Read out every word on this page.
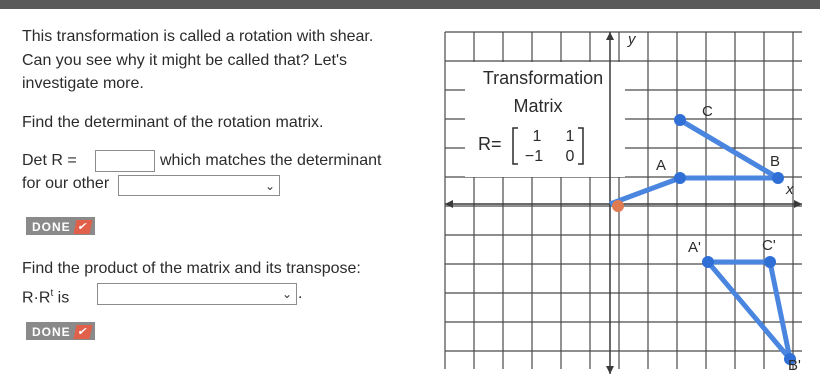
This transformation is called a rotation with shear.
Can you see why it might be called that? Let's
investigate more.
Find the determinant of the rotation matrix.
Det R =	which matches the determinant
for our other	⌄
DONE ✔
Find the product of the matrix and its transpose:
$R\cdot R^t$ is	⌄ .
DONE ✔
Transformation
Matrix
R= 1 1
−1 0
x
y
C
A	B
A'	C'
B'
